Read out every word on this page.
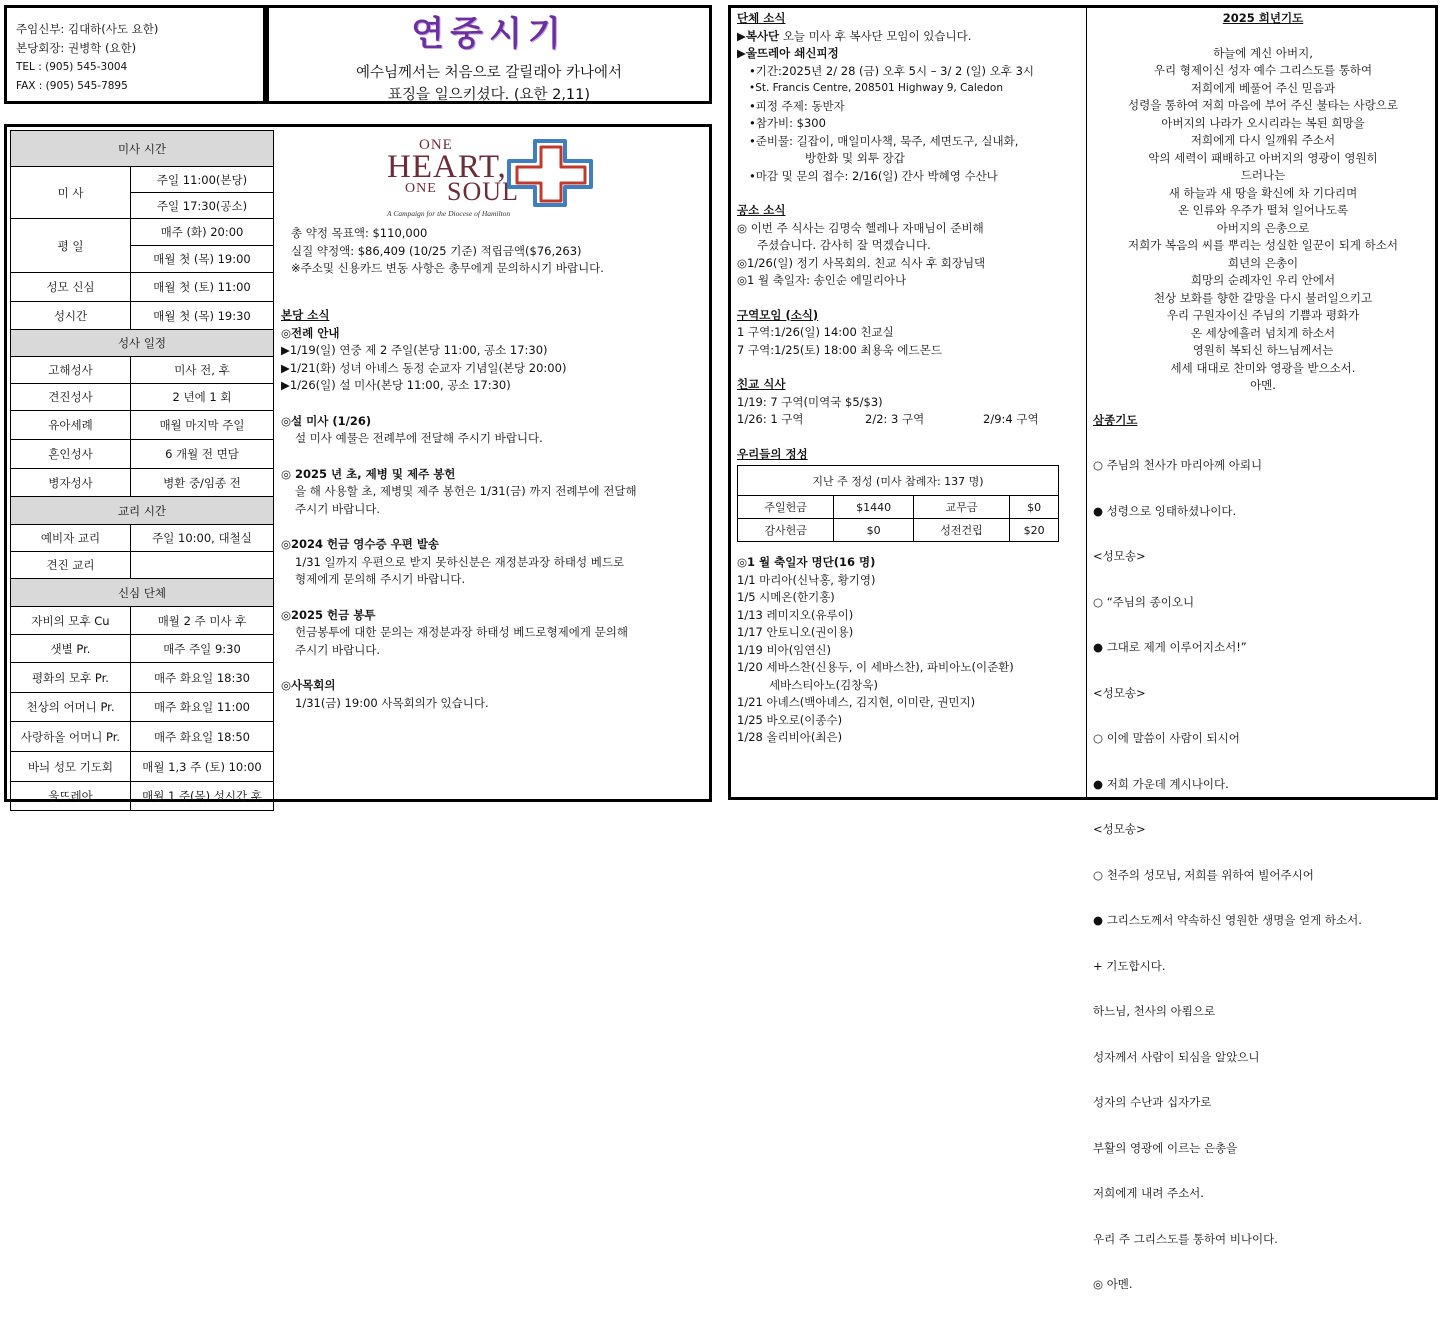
주임신부: 김대하(사도 요한)
본당회장: 권병학 (요한)
TEL : (905) 545-3004
FAX : (905) 545-7895
연중시기
예수님께서는 처음으로 갈릴래아 카나에서
표징을 일으키셨다. (요한 2,11)
미사 시간	
미 사	주일 11:00(본당)
	주일 17:30(공소)
평 일	매주 (화) 20:00
	매월 첫 (목) 19:00
성모 신심	매월 첫 (토) 11:00
성시간	매월 첫 (목) 19:30
성사 일정	
고해성사	미사 전, 후
견진성사	2 년에 1 회
유아세례	매월 마지막 주일
혼인성사	6 개월 전 면담
병자성사	병환 중/임종 전
교리 시간	
예비자 교리	주일 10:00, 대철실
견진 교리	
신심 단체	
자비의 모후 Cu	매월 2 주 미사 후
샛별 Pr.	매주 주일 9:30
평화의 모후 Pr.	매주 화요일 18:30
천상의 어머니 Pr.	매주 화요일 11:00
사랑하올 어머니 Pr.	매주 화요일 18:50
바늬 성모 기도회	매월 1,3 주 (토) 10:00
울뜨레아	매월 1 주(목) 성시간 후
ONE
HEART,
ONE SOUL
A Campaign for the Diocese of Hamilton
총 약정 목표액: $110,000
실질 약정액: $86,409 (10/25 기준) 적립금액($76,263)
※주소및 신용카드 변동 사항은 총무에게 문의하시기 바랍니다.
본당 소식
◎전례 안내
▶1/19(일) 연중 제 2 주일(본당 11:00, 공소 17:30)
▶1/21(화) 성녀 아녜스 동정 순교자 기념일(본당 20:00)
▶1/26(일) 설 미사(본당 11:00, 공소 17:30)
◎설 미사 (1/26)
설 미사 예물은 전례부에 전달해 주시기 바랍니다.
◎ 2025 년 초, 제병 및 제주 봉헌
을 해 사용할 초, 제병및 제주 봉헌은 1/31(금) 까지 전례부에 전달해
주시기 바랍니다.
◎2024 헌금 영수증 우편 발송
1/31 일까지 우편으로 받지 못하신분은 재정분과장 하태성 베드로
형제에게 문의해 주시기 바랍니다.
◎2025 헌금 봉투
헌금봉투에 대한 문의는 재정분과장 하태성 베드로형제에게 문의해
주시기 바랍니다.
◎사목회의
1/31(금) 19:00 사목회의가 있습니다.
단체 소식
▶복사단 오늘 미사 후 복사단 모임이 있습니다.
▶울뜨레아 쇄신피정
•기간:2025년 2/ 28 (금) 오후 5시 – 3/ 2 (일) 오후 3시
•St. Francis Centre, 208501 Highway 9, Caledon
•피정 주제: 동반자
•참가비: $300
•준비물: 길잡이, 매일미사책, 묵주, 세면도구, 실내화,
방한화 및 외투 장갑
•마감 및 문의 접수: 2/16(일) 간사 박혜영 수산나
공소 소식
◎ 이번 주 식사는 김명숙 헬레나 자매님이 준비해
주셨습니다. 감사히 잘 먹겠습니다.
◎1/26(일) 정기 사목회의. 친교 식사 후 회장님댁
◎1 월 축일자: 송인순 에밀리아나
구역모임 (소식)
1 구역:1/26(일) 14:00 친교실
7 구역:1/25(토) 18:00 최용욱 에드몬드
친교 식사
1/19: 7 구역(미역국 $5/$3)
1/26: 1 구역	2/2: 3 구역	2/9:4 구역
우리들의 정성
지난 주 정성 (미사 참례자: 137 명)			
주일헌금	$1440	교무금	$0
감사헌금	$0	성전건립	$20
◎1 월 축일자 명단(16 명)
1/1 마리아(신낙홍, 황기영)
1/5 시메온(한기홍)
1/13 레미지오(유루이)
1/17 안토니오(권이용)
1/19 비아(임연신)
1/20 세바스찬(신용두, 이 세바스찬), 파비아노(이준환)
세바스티아노(김창욱)
1/21 아녜스(백아녜스, 김지현, 이미란, 권민지)
1/25 바오로(이종수)
1/28 올리비아(최은)
2025 희년기도
하늘에 계신 아버지,
우리 형제이신 성자 예수 그리스도를 통하여
저희에게 베풀어 주신 믿음과
성령을 통하여 저희 마음에 부어 주신 불타는 사랑으로
아버지의 나라가 오시리라는 복된 희망을
저희에게 다시 일깨워 주소서
악의 세력이 패배하고 아버지의 영광이 영원히
드러나는
새 하늘과 새 땅을 확신에 차 기다리며
온 인류와 우주가 떨쳐 일어나도록
아버지의 은총으로
저희가 복음의 씨를 뿌리는 성실한 일꾼이 되게 하소서
희년의 은총이
희망의 순례자인 우리 안에서
천상 보화를 향한 갈망을 다시 불러일으키고
우리 구원자이신 주님의 기쁨과 평화가
온 세상에흘러 넘치게 하소서
영원히 복되신 하느님께서는
세세 대대로 찬미와 영광을 받으소서.
아멘.
삼종기도

○ 주님의 천사가 마리아께 아뢰니

● 성령으로 잉태하셨나이다.

<성모송>

○ “주님의 종이오니

● 그대로 제게 이루어지소서!”

<성모송>

○ 이에 말씀이 사람이 되시어

● 저희 가운데 계시나이다.

<성모송>

○ 천주의 성모님, 저희를 위하여 빌어주시어

● 그리스도께서 약속하신 영원한 생명을 얻게 하소서.

+ 기도합시다.

하느님, 천사의 아룀으로

성자께서 사람이 되심을 알았으니

성자의 수난과 십자가로

부활의 영광에 이르는 은총을

저희에게 내려 주소서.

우리 주 그리스도를 통하여 비나이다.

◎ 아멘.
